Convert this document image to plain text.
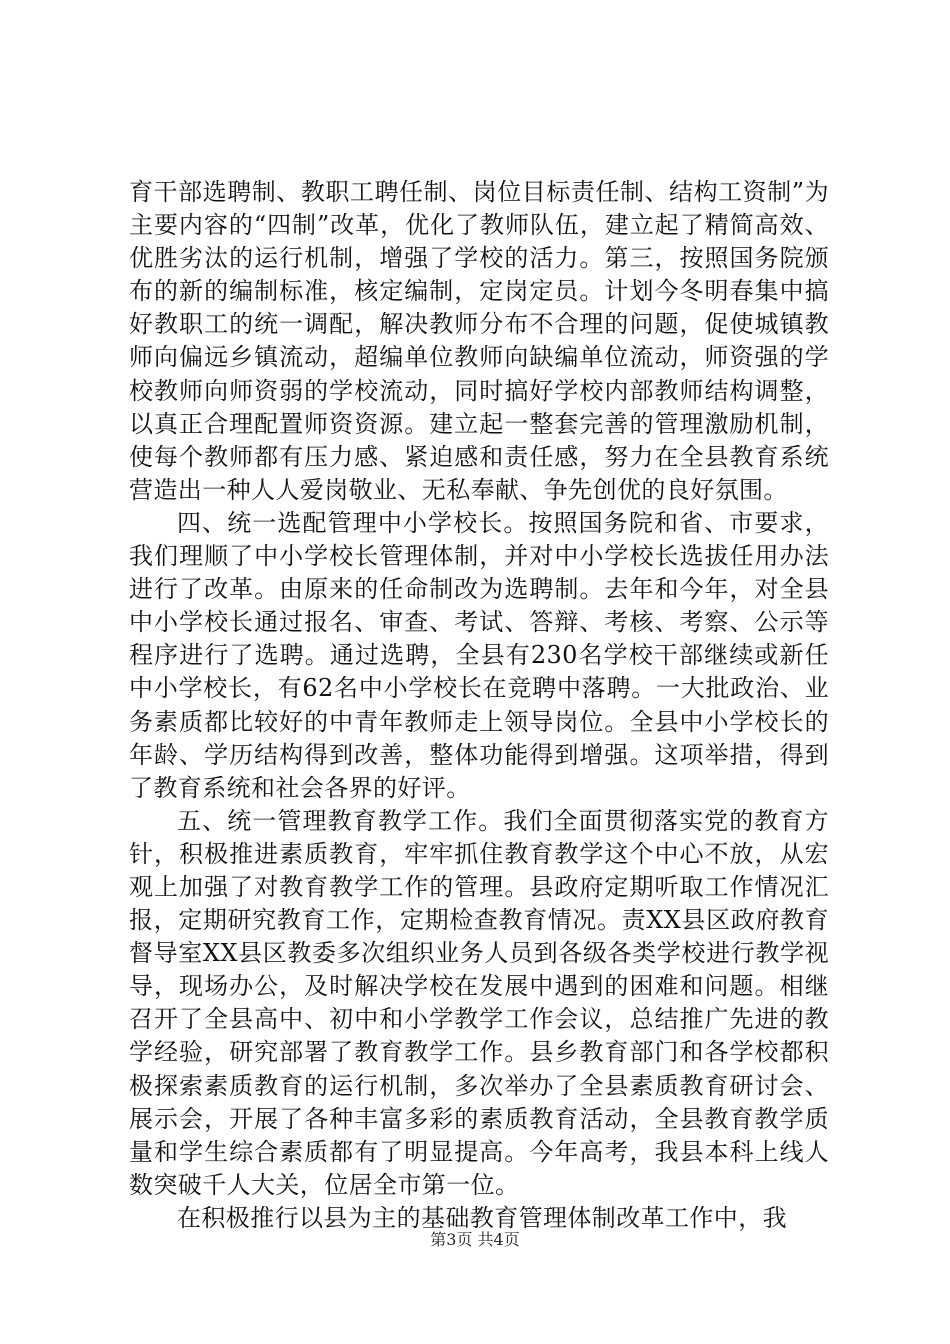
育干部选聘制、教职工聘任制、岗位目标责任制、结构工资制”为主要内容的“四制”改革，优化了教师队伍，建立起了精简高效、优胜劣汰的运行机制，增强了学校的活力。第三，按照国务院颁布的新的编制标准，核定编制，定岗定员。计划今冬明春集中搞好教职工的统一调配，解决教师分布不合理的问题，促使城镇教师向偏远乡镇流动，超编单位教师向缺编单位流动，师资强的学校教师向师资弱的学校流动，同时搞好学校内部教师结构调整，以真正合理配置师资资源。建立起一整套完善的管理激励机制，使每个教师都有压力感、紧迫感和责任感，努力在全县教育系统营造出一种人人爱岗敬业、无私奉献、争先创优的良好氛围。

四、统一选配管理中小学校长。按照国务院和省、市要求，我们理顺了中小学校长管理体制，并对中小学校长选拔任用办法进行了改革。由原来的任命制改为选聘制。去年和今年，对全县中小学校长通过报名、审查、考试、答辩、考核、考察、公示等程序进行了选聘。通过选聘，全县有230名学校干部继续或新任中小学校长，有62名中小学校长在竞聘中落聘。一大批政治、业务素质都比较好的中青年教师走上领导岗位。全县中小学校长的年龄、学历结构得到改善，整体功能得到增强。这项举措，得到了教育系统和社会各界的好评。

五、统一管理教育教学工作。我们全面贯彻落实党的教育方针，积极推进素质教育，牢牢抓住教育教学这个中心不放，从宏观上加强了对教育教学工作的管理。县政府定期听取工作情况汇报，定期研究教育工作，定期检查教育情况。责XX县区政府教育督导室XX县区教委多次组织业务人员到各级各类学校进行教学视导，现场办公，及时解决学校在发展中遇到的困难和问题。相继召开了全县高中、初中和小学教学工作会议，总结推广先进的教学经验，研究部署了教育教学工作。县乡教育部门和各学校都积极探索素质教育的运行机制，多次举办了全县素质教育研讨会、展示会，开展了各种丰富多彩的素质教育活动，全县教育教学质量和学生综合素质都有了明显提高。今年高考，我县本科上线人数突破千人大关，位居全市第一位。

在积极推行以县为主的基础教育管理体制改革工作中，我

第3页 共4页
